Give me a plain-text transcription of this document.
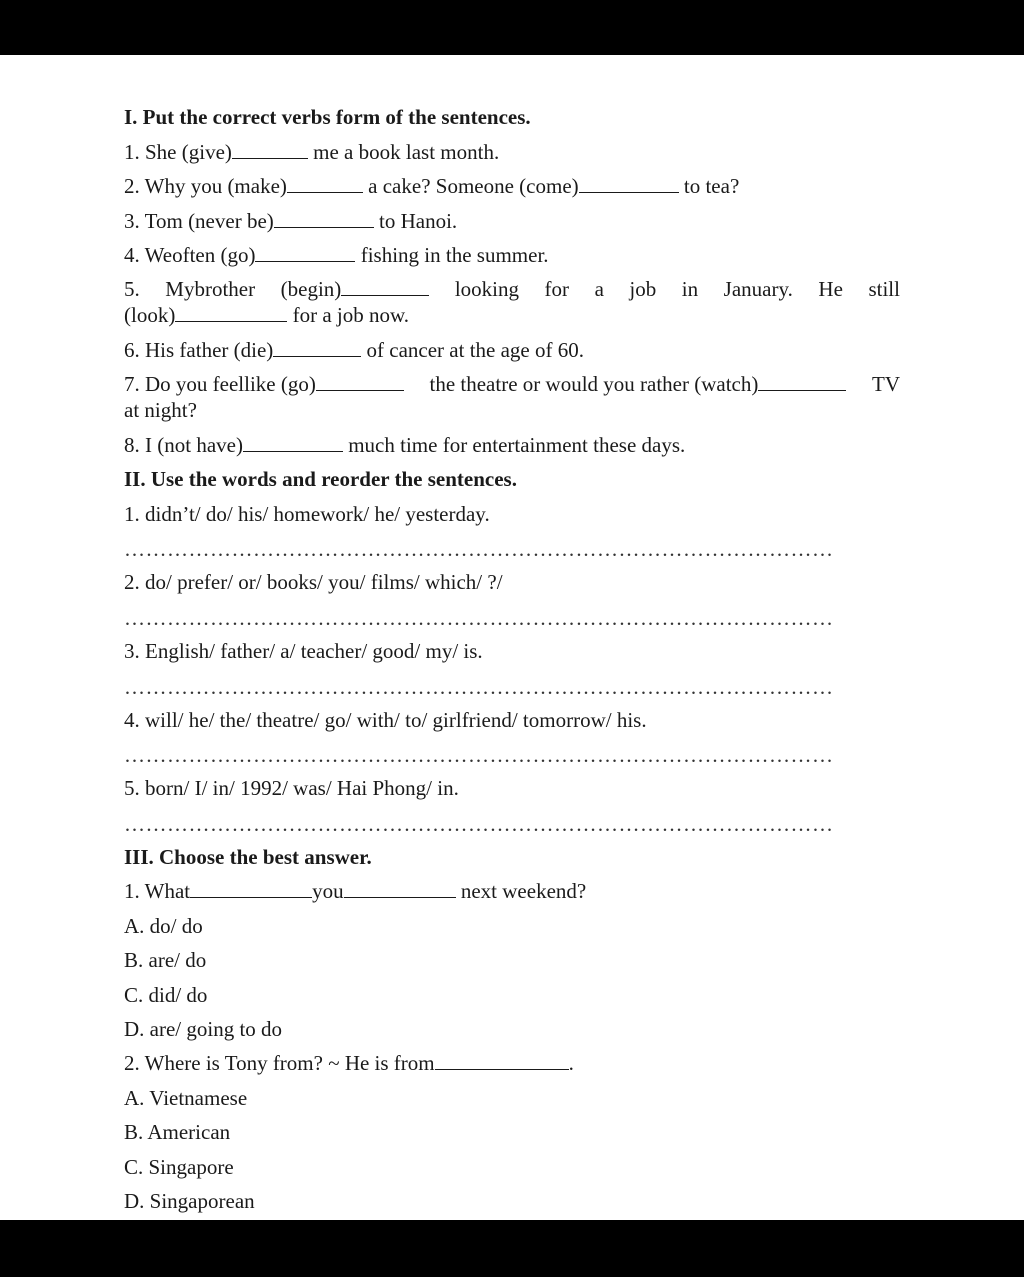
I. Put the correct verbs form of the sentences.
1. She (give)	me a book last month.
2. Why you (make)	a cake? Someone (come)	to tea?
3. Tom (never be)	to Hanoi.
4. Weoften (go)	fishing in the summer.
5. Mybrother (begin)	looking for a job in January. He still
(look)	for a job now.
6. His father (die)	of cancer at the age of 60.
7. Do you feellike (go)	the theatre or would you rather (watch)	TV
at night?
8. I (not have)	much time for entertainment these days.
II. Use the words and reorder the sentences.
1. didn’t/ do/ his/ homework/ he/ yesterday.
………………………………………………………………………………………
2. do/ prefer/ or/ books/ you/ films/ which/ ?/
………………………………………………………………………………………
3. English/ father/ a/ teacher/ good/ my/ is.
………………………………………………………………………………………
4. will/ he/ the/ theatre/ go/ with/ to/ girlfriend/ tomorrow/ his.
………………………………………………………………………………………
5. born/ I/ in/ 1992/ was/ Hai Phong/ in.
………………………………………………………………………………………
III. Choose the best answer.
1. What	you	next weekend?
A. do/ do
B. are/ do
C. did/ do
D. are/ going to do
2. Where is Tony from? ~ He is from	.
A. Vietnamese
B. American
C. Singapore
D. Singaporean
